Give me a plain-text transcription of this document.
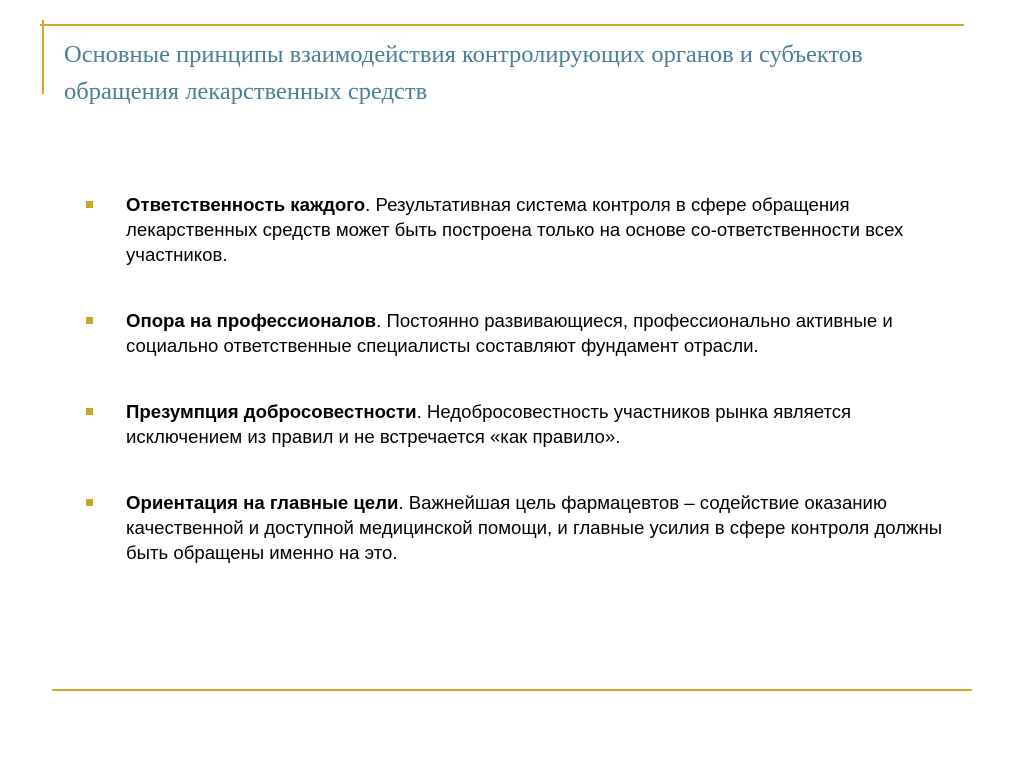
Основные принципы взаимодействия контролирующих органов и субъектов обращения лекарственных средств
Ответственность каждого. Результативная система контроля в сфере обращения лекарственных средств может быть построена только на основе со-ответственности всех участников.
Опора на профессионалов. Постоянно развивающиеся, профессионально активные и социально ответственные специалисты составляют фундамент отрасли.
Презумпция добросовестности. Недобросовестность участников рынка является исключением из правил и не встречается «как правило».
Ориентация на главные цели. Важнейшая цель фармацевтов – содействие оказанию качественной и доступной медицинской помощи, и главные усилия в сфере контроля должны быть обращены именно на это.
